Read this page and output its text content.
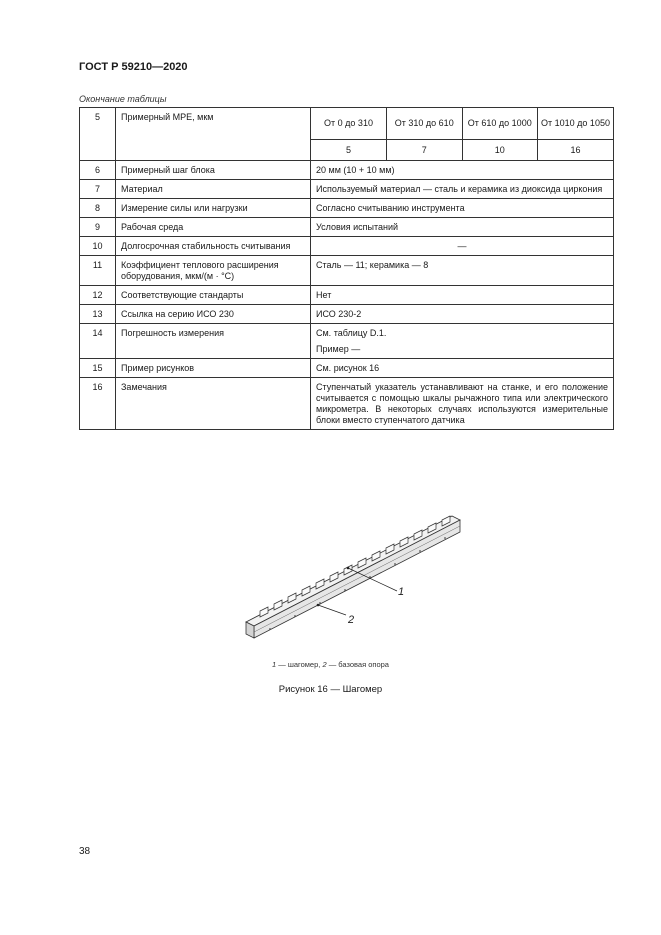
ГОСТ Р 59210—2020
Окончание таблицы
5	Примерный MPE, мкм	
От 0 до 310	От 310 до 610	От 610 до 1000	От 1010 до 1050
5	7	10	16

6	Примерный шаг блока	20 мм (10 + 10 мм)
7	Материал	Используемый материал — сталь и керамика из диоксида циркония
8	Измерение силы или нагрузки	Согласно считыванию инструмента
9	Рабочая среда	Условия испытаний
10	Долгосрочная стабильность считывания	—
11	Коэффициент теплового расширения оборудования, мкм/(м · °C)	Сталь — 11; керамика — 8
12	Соответствующие стандарты	Нет
13	Ссылка на серию ИСО 230	ИСО 230-2
14	Погрешность измерения	См. таблицу D.1.
Пример —

15	Пример рисунков	См. рисунок 16
16	Замечания	Ступенчатый указатель устанавливают на станке, и его положение считывается с помощью шкалы рычажного типа или электрического микрометра. В некоторых случаях используются измерительные блоки вместо ступенчатого датчика
1
2
1 — шагомер, 2 — базовая опора
Рисунок 16 — Шагомер
38
